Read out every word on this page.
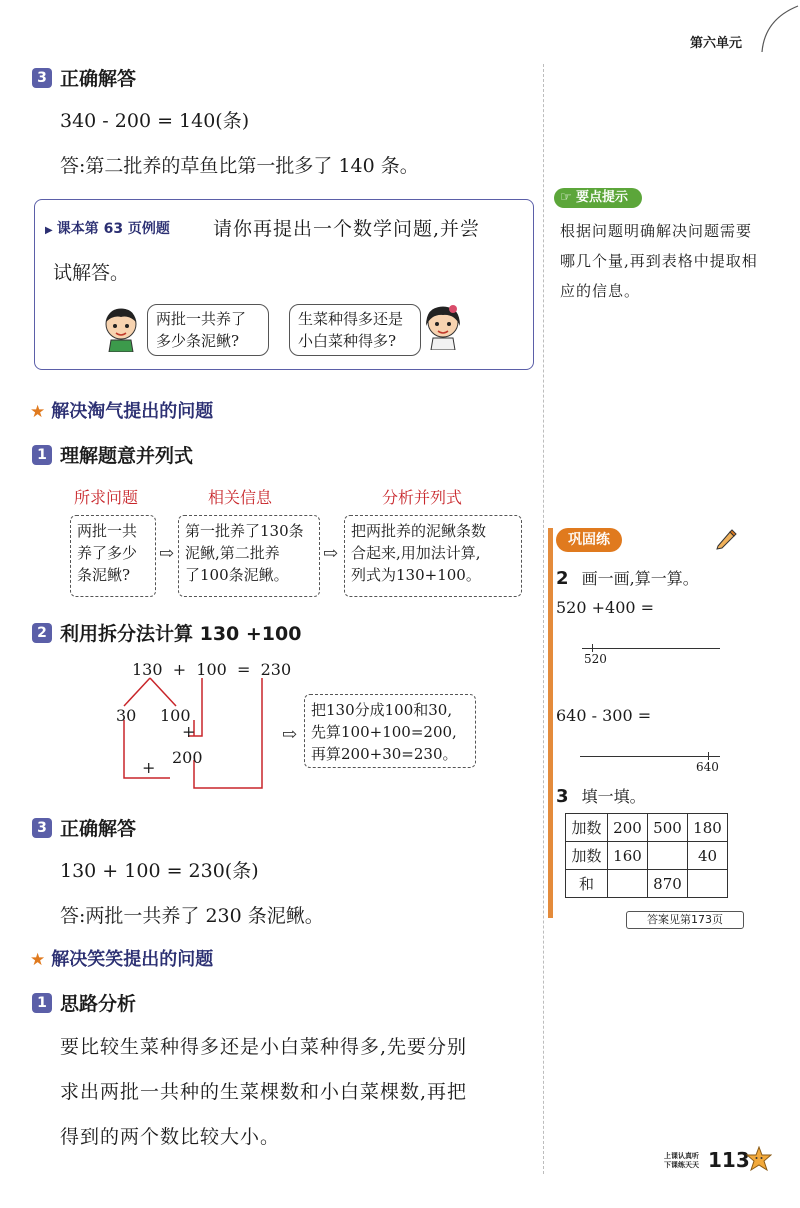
第六单元
3 正确解答
340 - 200 = 140(条)
答:第二批养的草鱼比第一批多了 140 条。
▶ 课本第 63 页例题 请你再提出一个数学问题,并尝
试解答。
两批一共养了
多少条泥鳅?
生菜种得多还是
小白菜种得多?
☞ 要点提示
根据问题明确解决问题需要哪几个量,再到表格中提取相应的信息。
★ 解决淘气提出的问题
1 理解题意并列式
所求问题	相关信息	分析并列式
两批一共
养了多少
条泥鳅?
⇨
第一批养了130条
泥鳅,第二批养
了100条泥鳅。
⇨
把两批养的泥鳅条数
合起来,用加法计算,
列式为130+100。
2 利用拆分法计算 130 +100
130  +  100  =  230
30 100
+
200
+
⇨
把130分成100和30,
先算100+100=200,
再算200+30=230。
3 正确解答
130 + 100 = 230(条)
答:两批一共养了 230 条泥鳅。
★ 解决笑笑提出的问题
1 思路分析
要比较生菜种得多还是小白菜种得多,先要分别
求出两批一共种的生菜棵数和小白菜棵数,再把
得到的两个数比较大小。
巩固练
2 画一画,算一算。
520 +400 =
520
640 - 300 =
640
3 填一填。
加数	200	500	180
加数	160		40
和		870	
答案见第173页
上课认真听
下课练天天 113
